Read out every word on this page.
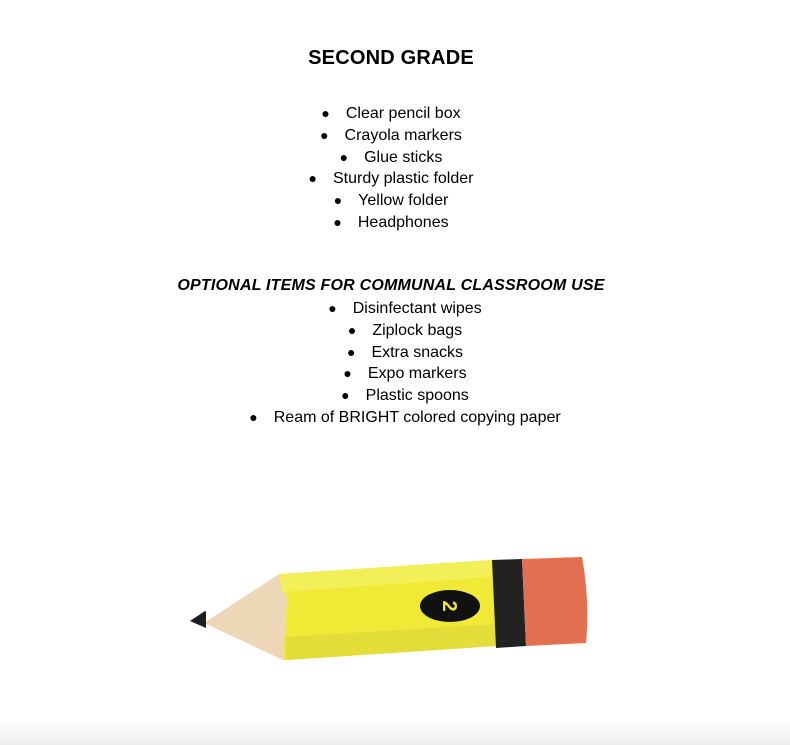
SECOND GRADE
● Clear pencil box
● Crayola markers
● Glue sticks
● Sturdy plastic folder
● Yellow folder
● Headphones
OPTIONAL ITEMS FOR COMMUNAL CLASSROOM USE
● Disinfectant wipes
● Ziplock bags
● Extra snacks
● Expo markers
● Plastic spoons
● Ream of BRIGHT colored copying paper
2
